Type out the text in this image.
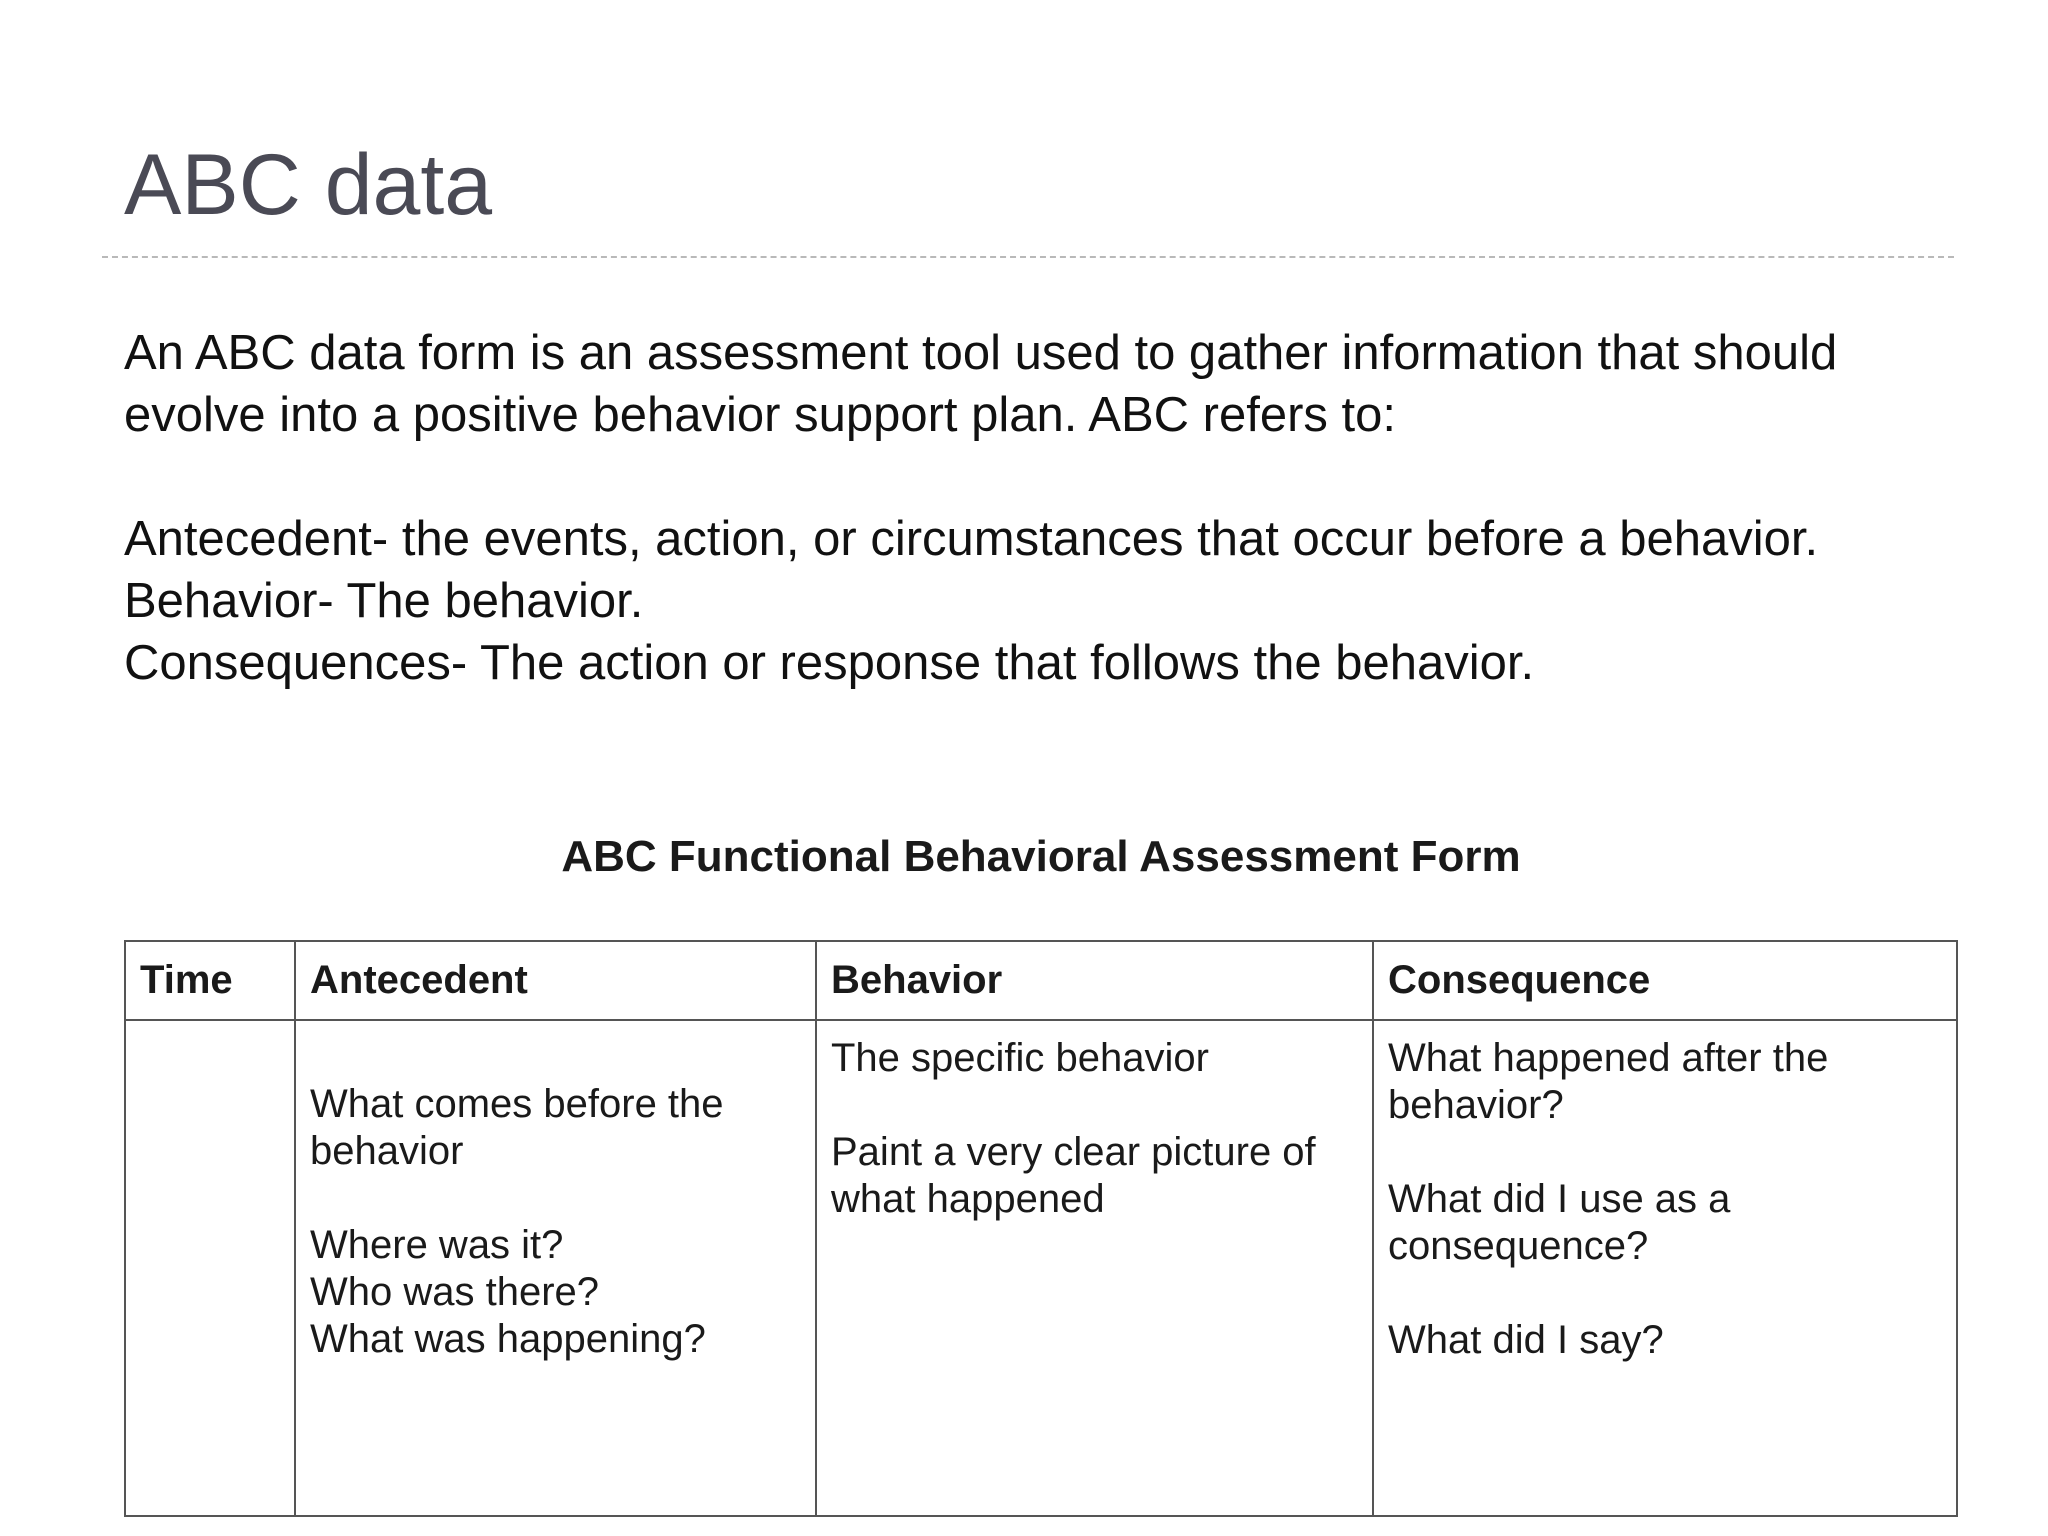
ABC data

An ABC data form is an assessment tool used to gather information that should evolve into a positive behavior support plan. ABC refers to:

Antecedent- the events, action, or circumstances that occur before a behavior.
Behavior- The behavior.
Consequences- The action or response that follows the behavior.
ABC Functional Behavioral Assessment Form
Time	Antecedent	Behavior	Consequence

	What comes before the
behavior
Where was it?
Who was there?
What was happening?	The specific behavior
Paint a very clear picture of
what happened	What happened after the
behavior?
What did I use as a
consequence?
What did I say?
